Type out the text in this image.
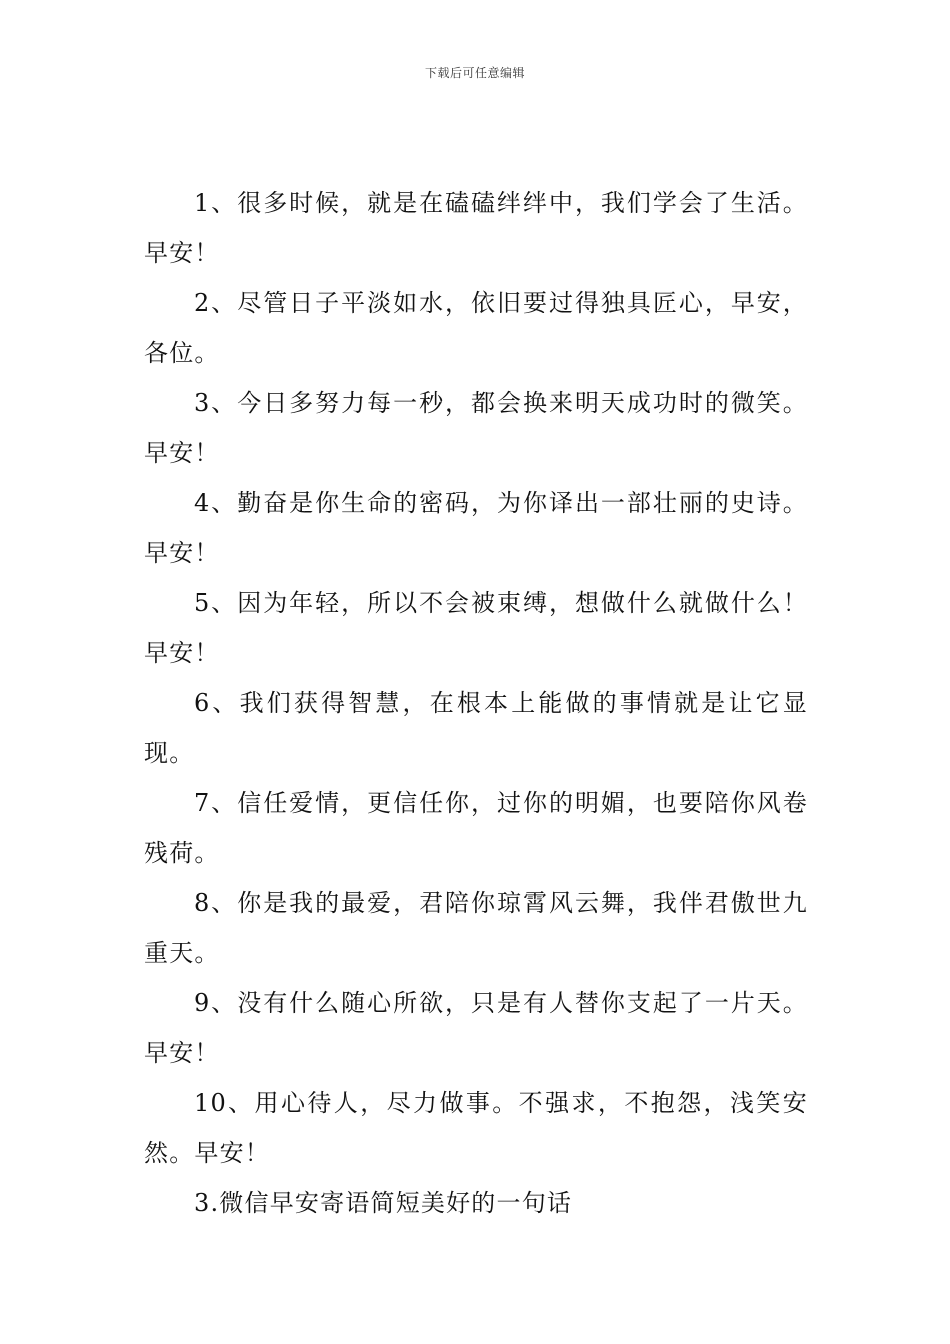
下载后可任意编辑

1、很多时候，就是在磕磕绊绊中，我们学会了生活。早安！

2、尽管日子平淡如水，依旧要过得独具匠心，早安，各位。

3、今日多努力每一秒，都会换来明天成功时的微笑。早安！

4、勤奋是你生命的密码，为你译出一部壮丽的史诗。早安！

5、因为年轻，所以不会被束缚，想做什么就做什么！早安！

6、我们获得智慧，在根本上能做的事情就是让它显现。

7、信任爱情，更信任你，过你的明媚，也要陪你风卷残荷。

8、你是我的最爱，君陪你琼霄风云舞，我伴君傲世九重天。

9、没有什么随心所欲，只是有人替你支起了一片天。早安！

10、用心待人，尽力做事。不强求，不抱怨，浅笑安然。早安！

3.微信早安寄语简短美好的一句话
